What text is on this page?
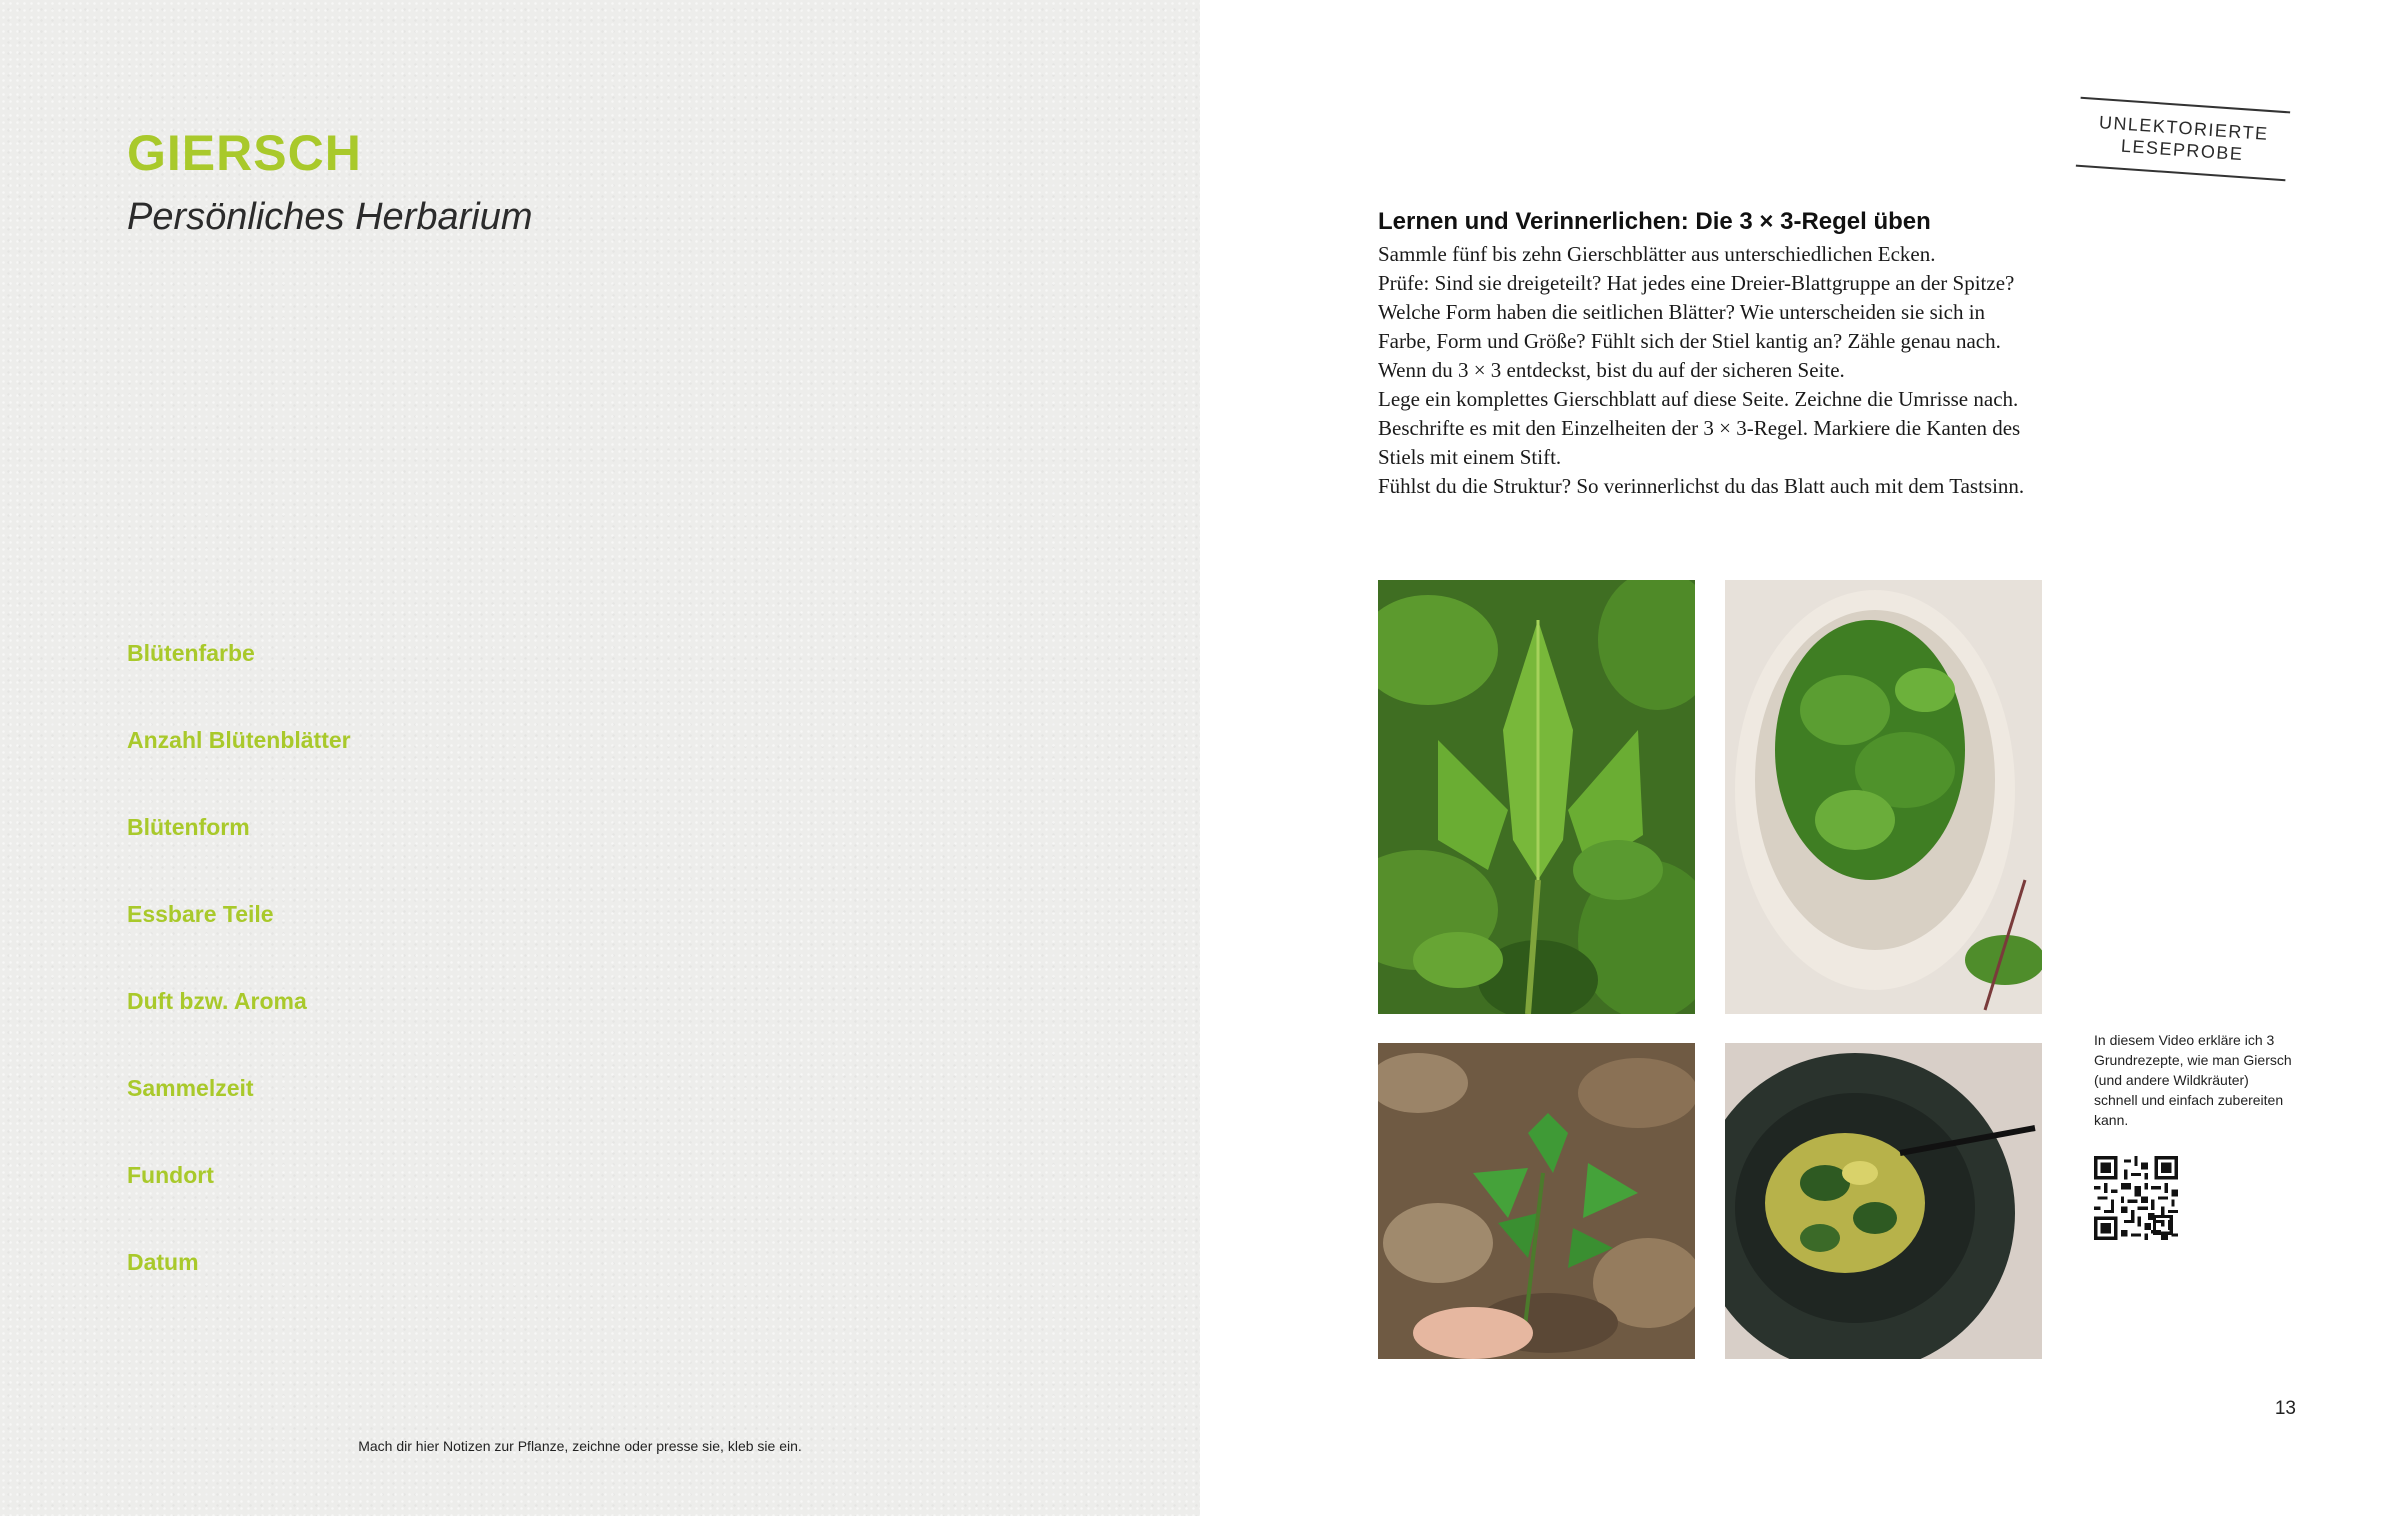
GIERSCH
Persönliches Herbarium
Blütenfarbe
Anzahl Blütenblätter
Blütenform
Essbare Teile
Duft bzw. Aroma
Sammelzeit
Fundort
Datum
Mach dir hier Notizen zur Pflanze, zeichne oder presse sie, kleb sie ein.
UNLEKTORIERTE
LESEPROBE
Lernen und Verinnerlichen: Die 3 × 3-Regel üben
Sammle fünf bis zehn Gierschblätter aus unterschiedlichen Ecken.
Prüfe: Sind sie dreigeteilt? Hat jedes eine Dreier-Blattgruppe an der Spitze?
Welche Form haben die seitlichen Blätter? Wie unterscheiden sie sich in
Farbe, Form und Größe? Fühlt sich der Stiel kantig an? Zähle genau nach.
Wenn du 3 × 3 entdeckst, bist du auf der sicheren Seite.
Lege ein komplettes Gierschblatt auf diese Seite. Zeichne die Umrisse nach.
Beschrifte es mit den Einzelheiten der 3 × 3-Regel. Markiere die Kanten des
Stiels mit einem Stift.
Fühlst du die Struktur? So verinnerlichst du das Blatt auch mit dem Tastsinn.
In diesem Video erkläre ich 3 Grundrezepte, wie man Giersch (und andere Wildkräuter) schnell und einfach zubereiten kann.
13
